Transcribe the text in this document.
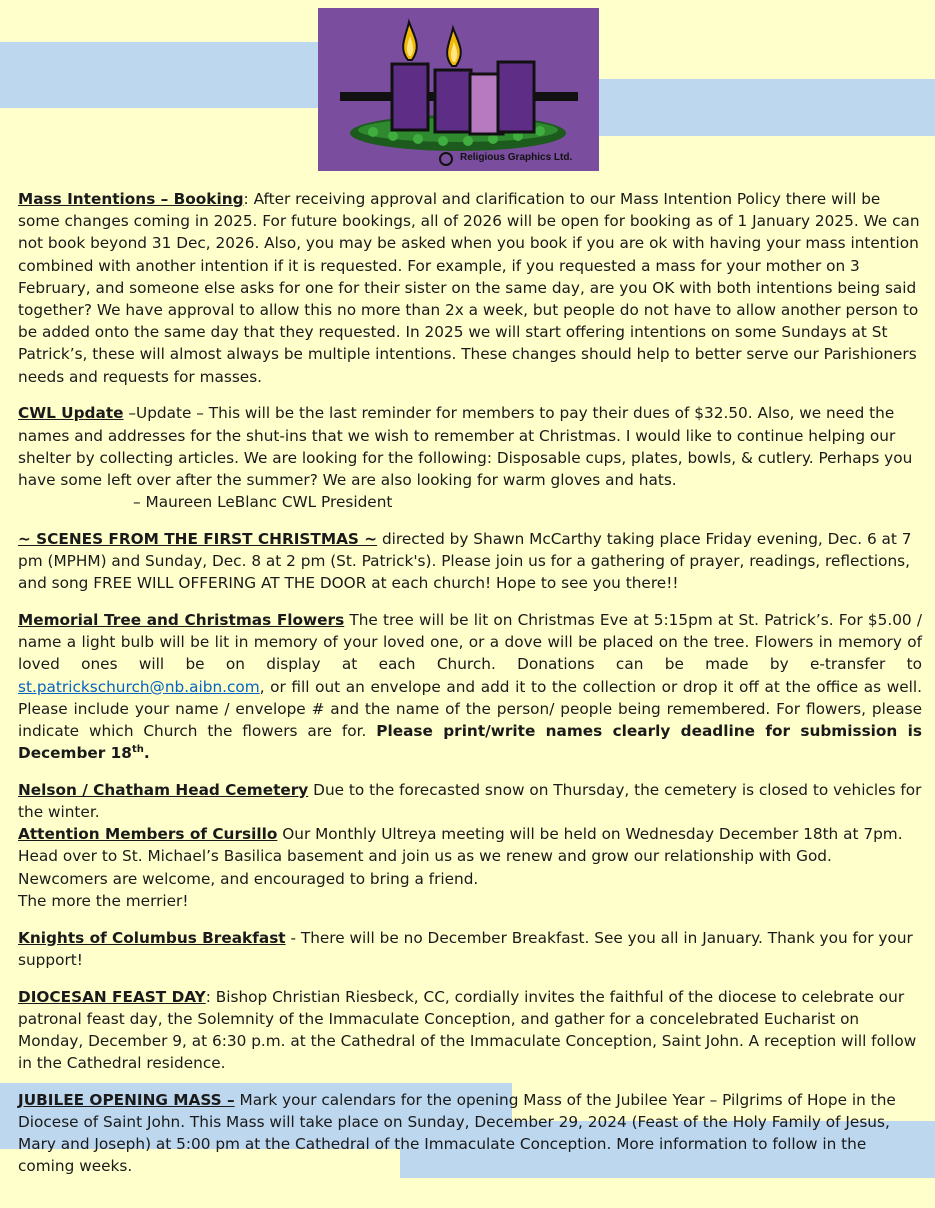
Religious Graphics Ltd.

Mass Intentions – Booking: After receiving approval and clarification to our Mass Intention Policy there will be some changes coming in 2025. For future bookings, all of 2026 will be open for booking as of 1 January 2025. We can not book beyond 31 Dec, 2026. Also, you may be asked when you book if you are ok with having your mass intention combined with another intention if it is requested. For example, if you requested a mass for your mother on 3 February, and someone else asks for one for their sister on the same day, are you OK with both intentions being said together? We have approval to allow this no more than 2x a week, but people do not have to allow another person to be added onto the same day that they requested. In 2025 we will start offering intentions on some Sundays at St Patrick’s, these will almost always be multiple intentions. These changes should help to better serve our Parishioners needs and requests for masses.

CWL Update –Update – This will be the last reminder for members to pay their dues of $32.50. Also, we need the names and addresses for the shut-ins that we wish to remember at Christmas. I would like to continue helping our shelter by collecting articles. We are looking for the following: Disposable cups, plates, bowls, & cutlery. Perhaps you have some left over after the summer? We are also looking for warm gloves and hats.
– Maureen LeBlanc CWL President

~ SCENES FROM THE FIRST CHRISTMAS ~ directed by Shawn McCarthy taking place Friday evening, Dec. 6 at 7 pm (MPHM) and Sunday, Dec. 8 at 2 pm (St. Patrick's). Please join us for a gathering of prayer, readings, reflections, and song FREE WILL OFFERING AT THE DOOR at each church! Hope to see you there!!

Memorial Tree and Christmas Flowers The tree will be lit on Christmas Eve at 5:15pm at St. Patrick’s. For $5.00 / name a light bulb will be lit in memory of your loved one, or a dove will be placed on the tree. Flowers in memory of loved ones will be on display at each Church. Donations can be made by e-transfer to st.patrickschurch@nb.aibn.com, or fill out an envelope and add it to the collection or drop it off at the office as well. Please include your name / envelope # and the name of the person/ people being remembered. For flowers, please indicate which Church the flowers are for. Please print/write names clearly deadline for submission is December 18th.

Nelson / Chatham Head Cemetery Due to the forecasted snow on Thursday, the cemetery is closed to vehicles for the winter.

Attention Members of Cursillo Our Monthly Ultreya meeting will be held on Wednesday December 18th at 7pm. Head over to St. Michael’s Basilica basement and join us as we renew and grow our relationship with God. Newcomers are welcome, and encouraged to bring a friend.
The more the merrier!

Knights of Columbus Breakfast - There will be no December Breakfast. See you all in January. Thank you for your support!

DIOCESAN FEAST DAY: Bishop Christian Riesbeck, CC, cordially invites the faithful of the diocese to celebrate our patronal feast day, the Solemnity of the Immaculate Conception, and gather for a concelebrated Eucharist on Monday, December 9, at 6:30 p.m. at the Cathedral of the Immaculate Conception, Saint John. A reception will follow in the Cathedral residence.

JUBILEE OPENING MASS – Mark your calendars for the opening Mass of the Jubilee Year – Pilgrims of Hope in the Diocese of Saint John. This Mass will take place on Sunday, December 29, 2024 (Feast of the Holy Family of Jesus, Mary and Joseph) at 5:00 pm at the Cathedral of the Immaculate Conception. More information to follow in the coming weeks.
